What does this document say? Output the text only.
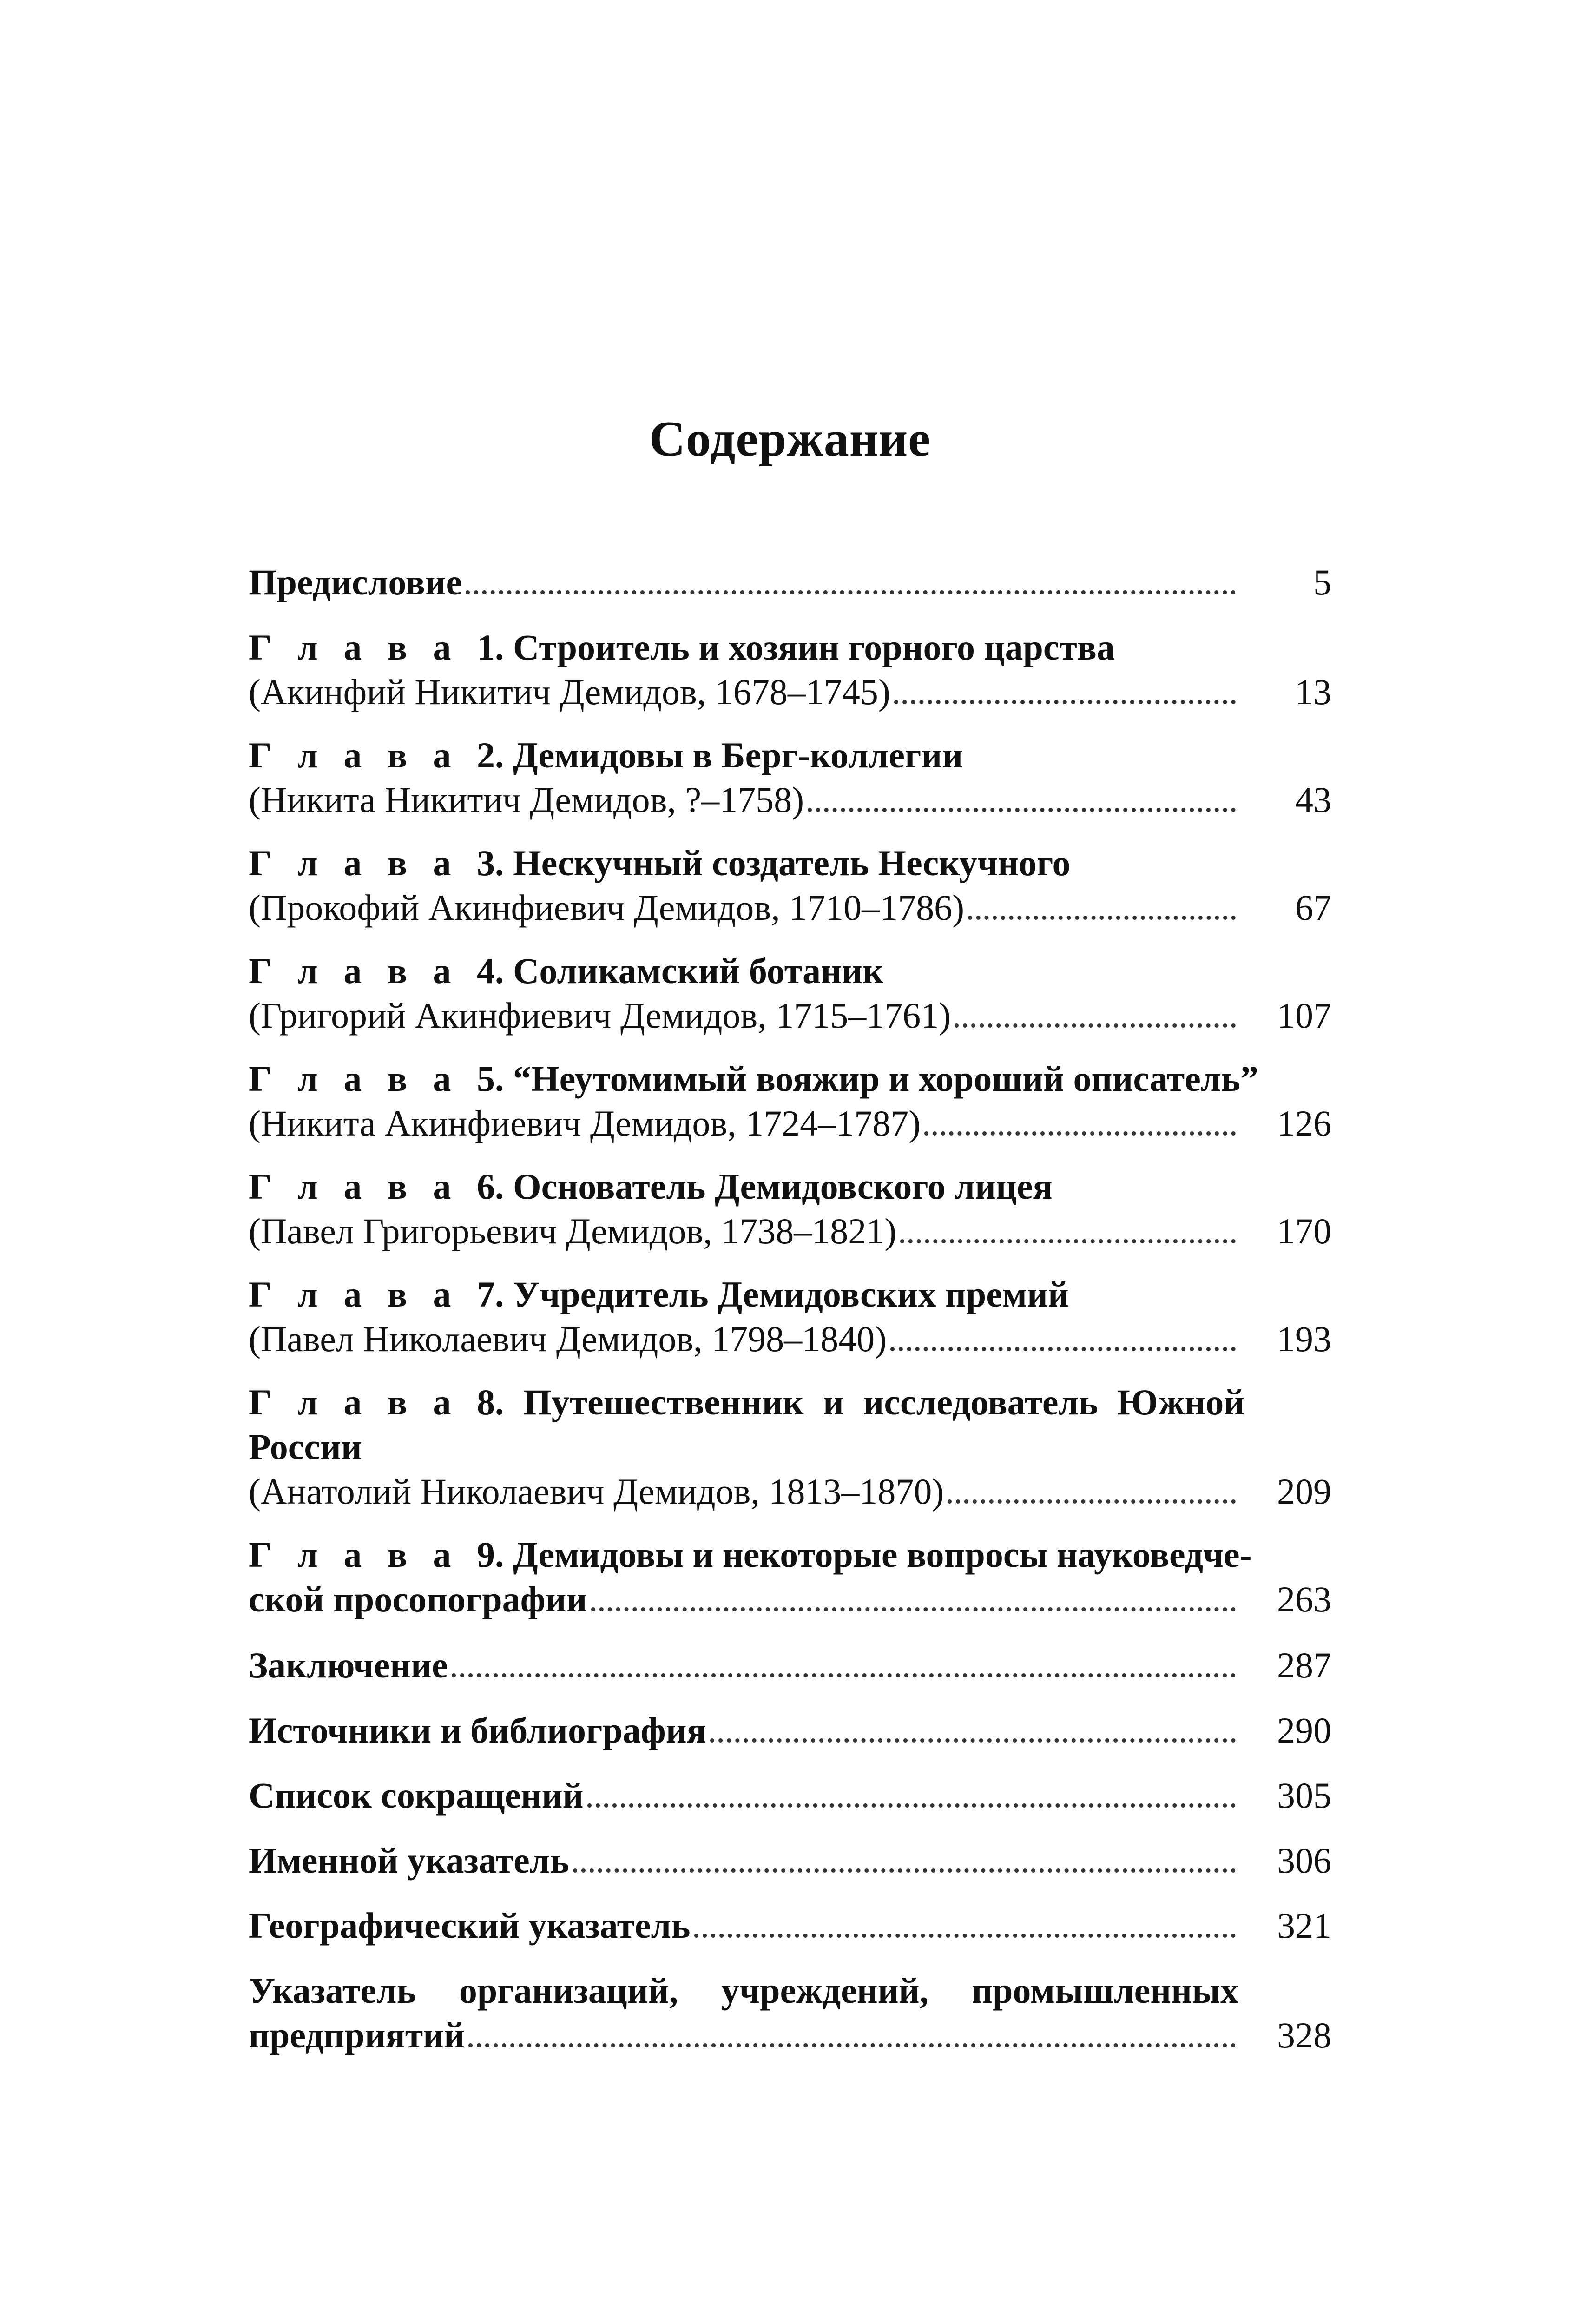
Содержание
Предисловие	5
Г л а в а 1. Строитель и хозяин горного царства
(Акинфий Никитич Демидов, 1678–1745)	13
Г л а в а 2. Демидовы в Берг-коллегии
(Никита Никитич Демидов, ?–1758)	43
Г л а в а 3. Нескучный создатель Нескучного
(Прокофий Акинфиевич Демидов, 1710–1786)	67
Г л а в а 4. Соликамский ботаник
(Григорий Акинфиевич Демидов, 1715–1761)	107
Г л а в а 5. “Неутомимый вояжир и хороший описатель”
(Никита Акинфиевич Демидов, 1724–1787)	126
Г л а в а 6. Основатель Демидовского лицея
(Павел Григорьевич Демидов, 1738–1821)	170
Г л а в а 7. Учредитель Демидовских премий
(Павел Николаевич Демидов, 1798–1840)	193
Г л а в а 8. Путешественник и исследователь Южной
России
(Анатолий Николаевич Демидов, 1813–1870)	209
Г л а в а 9. Демидовы и некоторые вопросы науковедче-
ской просопографии	263
Заключение	287
Источники и библиография	290
Список сокращений	305
Именной указатель	306
Географический указатель	321
Указатель организаций, учреждений, промышленных
предприятий	328
